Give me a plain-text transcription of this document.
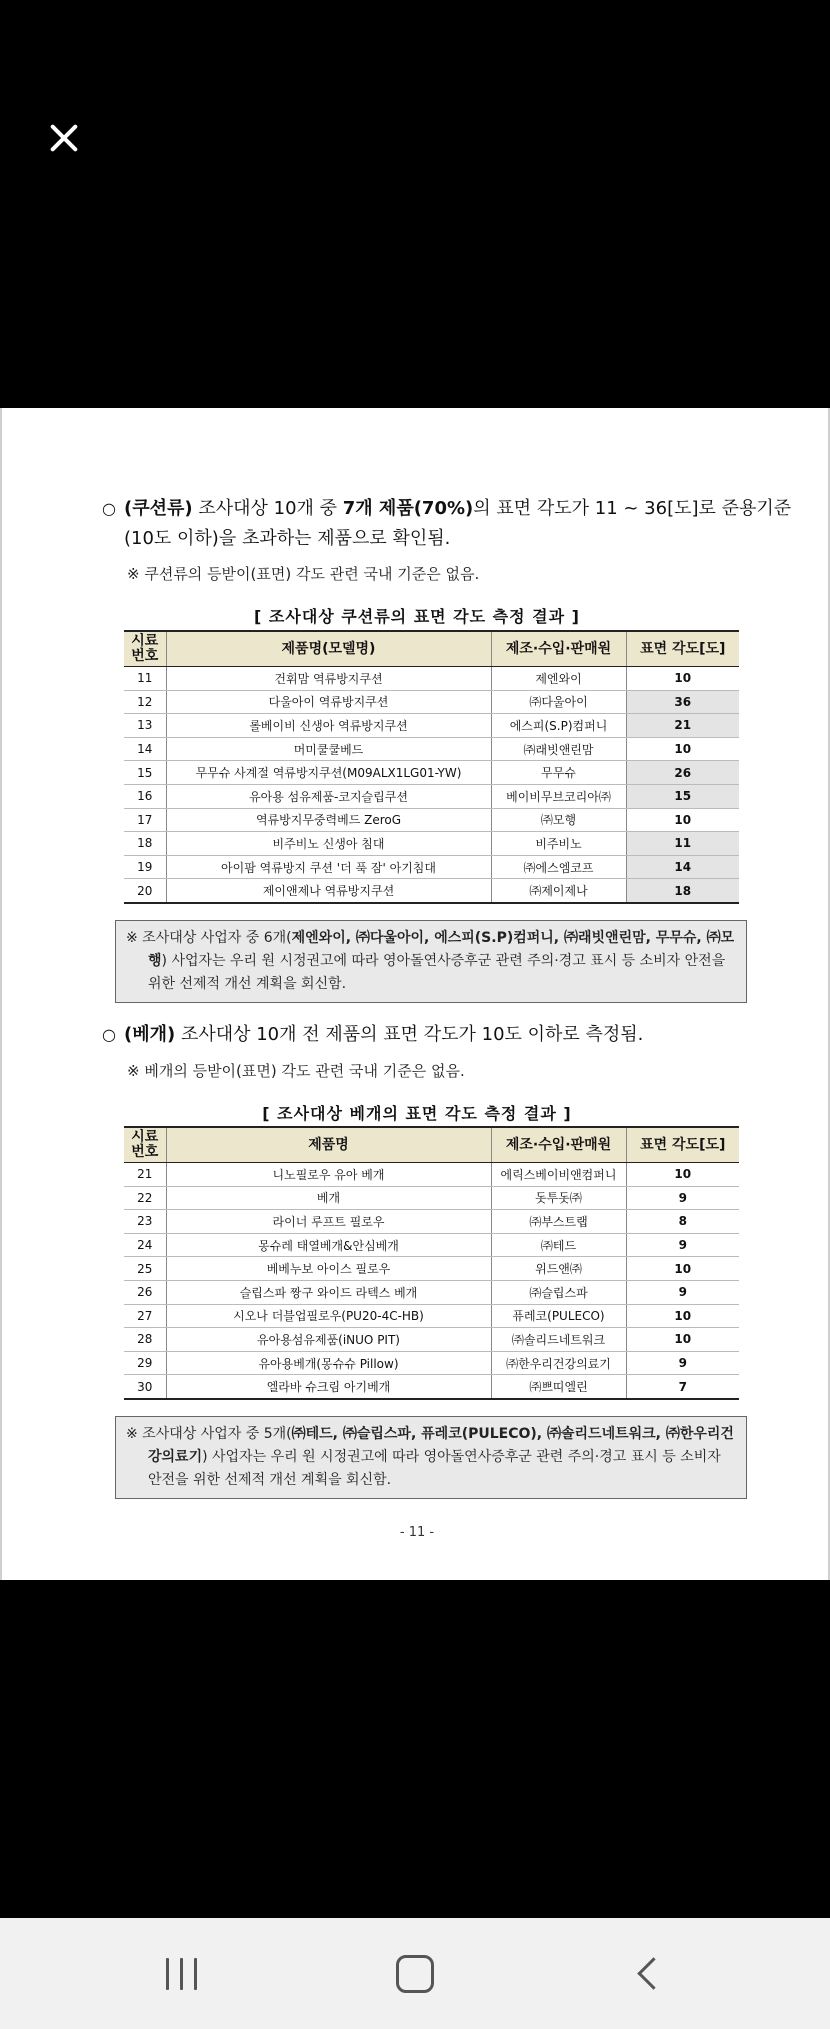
○ (쿠션류) 조사대상 10개 중 7개 제품(70%)의 표면 각도가 11 ~ 36[도]로 준용기준
(10도 이하)을 초과하는 제품으로 확인됨.
※ 쿠션류의 등받이(표면) 각도 관련 국내 기준은 없음.
[ 조사대상 쿠션류의 표면 각도 측정 결과 ]
시료 번호	제품명(모델명)	제조·수입·판매원	표면 각도[도]
11	건휘맘 역류방지쿠션	제엔와이	10
12	다울아이 역류방지쿠션	㈜다울아이	36
13	롤베이비 신생아 역류방지쿠션	에스피(S.P)컴퍼니	21
14	머미쿨쿨베드	㈜래빗앤린맘	10
15	무무슈 사계절 역류방지쿠션(M09ALX1LG01-YW)	무무슈	26
16	유아용 섬유제품-코지슬립쿠션	베이비무브코리아㈜	15
17	역류방지무중력베드 ZeroG	㈜모행	10
18	비주비노 신생아 침대	비주비노	11
19	아이팜 역류방지 쿠션 '더 푹 잠' 아기침대	㈜에스엠코프	14
20	제이앤제나 역류방지쿠션	㈜제이제나	18
※ 조사대상 사업자 중 6개(제엔와이, ㈜다울아이, 에스피(S.P)컴퍼니, ㈜래빗앤린맘, 무무슈, ㈜모행) 사업자는 우리 원 시정권고에 따라 영아돌연사증후군 관련 주의·경고 표시 등 소비자 안전을 위한 선제적 개선 계획을 회신함.
○ (베개) 조사대상 10개 전 제품의 표면 각도가 10도 이하로 측정됨.
※ 베개의 등받이(표면) 각도 관련 국내 기준은 없음.
[ 조사대상 베개의 표면 각도 측정 결과 ]
시료 번호	제품명	제조·수입·판매원	표면 각도[도]
21	니노필로우 유아 베개	에릭스베이비앤컴퍼니	10
22	베개	돗투돗㈜	9
23	라이너 루프트 필로우	㈜부스트랩	8
24	몽슈레 태열베개&안심베개	㈜테드	9
25	베베누보 아이스 필로우	위드앤㈜	10
26	슬립스파 짱구 와이드 라텍스 베개	㈜슬립스파	9
27	시오나 더블업필로우(PU20-4C-HB)	퓨레코(PULECO)	10
28	유아용섬유제품(iNUO PIT)	㈜솔리드네트워크	10
29	유아용베개(몽슈슈 Pillow)	㈜한우리건강의료기	9
30	엘라바 슈크림 아기베개	㈜쁘띠엘린	7
※ 조사대상 사업자 중 5개(㈜테드, ㈜슬립스파, 퓨레코(PULECO), ㈜솔리드네트워크, ㈜한우리건강의료기) 사업자는 우리 원 시정권고에 따라 영아돌연사증후군 관련 주의·경고 표시 등 소비자 안전을 위한 선제적 개선 계획을 회신함.
- 11 -
